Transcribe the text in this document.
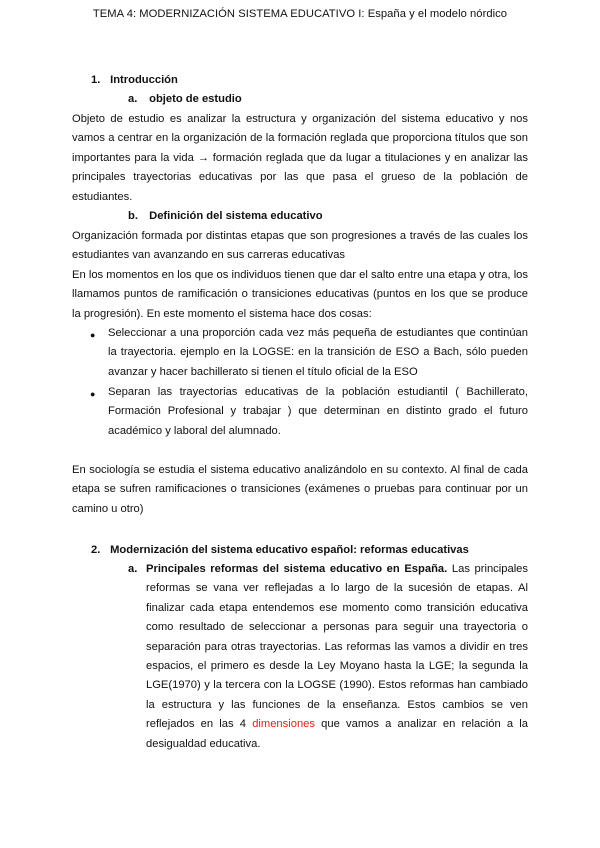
TEMA 4: MODERNIZACIÓN SISTEMA EDUCATIVO I: España y el modelo nórdico
1. Introducción
a. objeto de estudio
Objeto de estudio es analizar la estructura y organización del sistema educativo y nos vamos a centrar en la organización de la formación reglada que proporciona títulos que son importantes para la vida → formación reglada que da lugar a titulaciones y en analizar las principales trayectorias educativas por las que pasa el grueso de la población de estudiantes.
b. Definición del sistema educativo
Organización formada por distintas etapas que son progresiones a través de las cuales los estudiantes van avanzando en sus carreras educativas
En los momentos en los que os individuos tienen que dar el salto entre una etapa y otra, los llamamos puntos de ramificación o transiciones educativas (puntos en los que se produce la progresión). En este momento el sistema hace dos cosas:
● Seleccionar a una proporción cada vez más pequeña de estudiantes que continúan la trayectoria. ejemplo en la LOGSE: en la transición de ESO a Bach, sólo pueden avanzar y hacer bachillerato si tienen el título oficial de la ESO
● Separan las trayectorias educativas de la población estudiantil ( Bachillerato, Formación Profesional y trabajar ) que determinan en distinto grado el futuro académico y laboral del alumnado.
En sociología se estudia el sistema educativo analizándolo en su contexto. Al final de cada etapa se sufren ramificaciones o transiciones (exámenes o pruebas para continuar por un camino u otro)
2. Modernización del sistema educativo español: reformas educativas
a. Principales reformas del sistema educativo en España. Las principales reformas se vana ver reflejadas a lo largo de la sucesión de etapas. Al finalizar cada etapa entendemos ese momento como transición educativa como resultado de seleccionar a personas para seguir una trayectoria o separación para otras trayectorias. Las reformas las vamos a dividir en tres espacios, el primero es desde la Ley Moyano hasta la LGE; la segunda la LGE(1970) y la tercera con la LOGSE (1990). Estos reformas han cambiado la estructura y las funciones de la enseñanza. Estos cambios se ven reflejados en las 4 dimensiones que vamos a analizar en relación a la desigualdad educativa.
